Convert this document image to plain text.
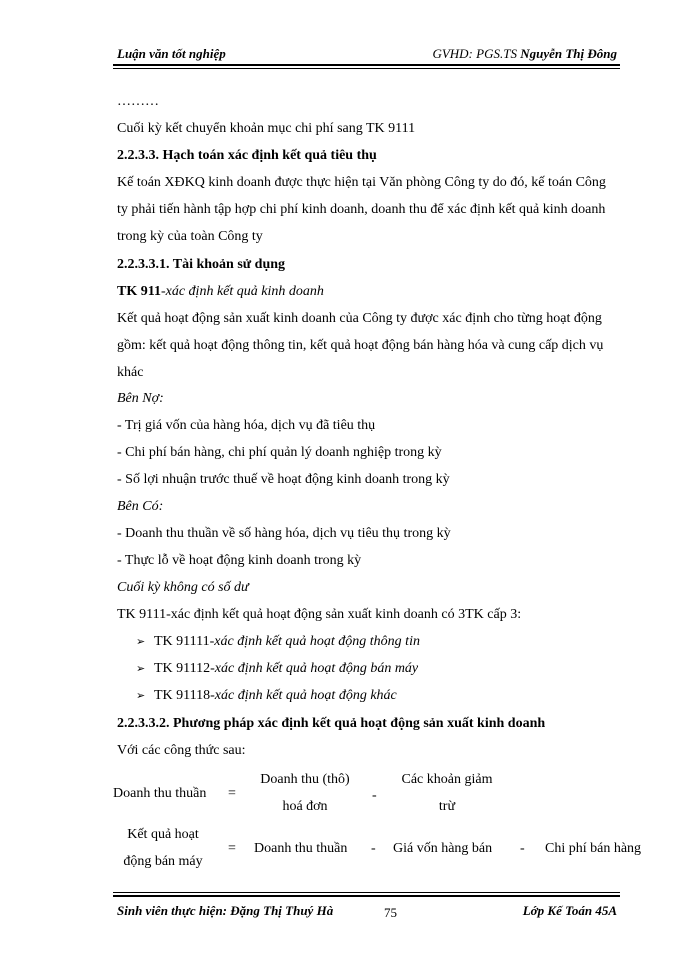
Luận văn tốt nghiệp	GVHD: PGS.TS Nguyễn Thị Đông
………
Cuối kỳ kết chuyển khoản mục chi phí sang TK 9111
2.2.3.3. Hạch toán xác định kết quả tiêu thụ
Kế toán XĐKQ kinh doanh được thực hiện tại Văn phòng Công ty do đó, kế toán Công
ty phải tiến hành tập hợp chi phí kinh doanh, doanh thu để xác định kết quả kinh doanh
trong kỳ của toàn Công ty
2.2.3.3.1. Tài khoản sử dụng
TK 911-xác định kết quả kinh doanh
Kết quả hoạt động sản xuất kinh doanh của Công ty được xác định cho từng hoạt động
gồm: kết quả hoạt động thông tin, kết quả hoạt động bán hàng hóa và cung cấp dịch vụ
khác
Bên Nợ:
- Trị giá vốn của hàng hóa, dịch vụ đã tiêu thụ
- Chi phí bán hàng, chi phí quản lý doanh nghiệp trong kỳ
- Số lợi nhuận trước thuế về hoạt động kinh doanh trong kỳ
Bên Có:
- Doanh thu thuần về số hàng hóa, dịch vụ tiêu thụ trong kỳ
- Thực lỗ về hoạt động kinh doanh trong kỳ
Cuối kỳ không có số dư
TK 9111-xác định kết quả hoạt động sản xuất kinh doanh có 3TK cấp 3:
➢ TK 91111-xác định kết quả hoạt động thông tin
➢ TK 91112-xác định kết quả hoạt động bán máy
➢ TK 91118-xác định kết quả hoạt động khác
2.2.3.3.2. Phương pháp xác định kết quả hoạt động sản xuất kinh doanh
Với các công thức sau:
Doanh thu thuần =
Doanh thu (thô)
hoá đơn
-
Các khoản giảm
trừ
Kết quả hoạt
động bán máy
= Doanh thu thuần - Giá vốn hàng bán - Chi phí bán hàng
Sinh viên thực hiện: Đặng Thị Thuý Hà	75	Lớp Kế Toán 45A
